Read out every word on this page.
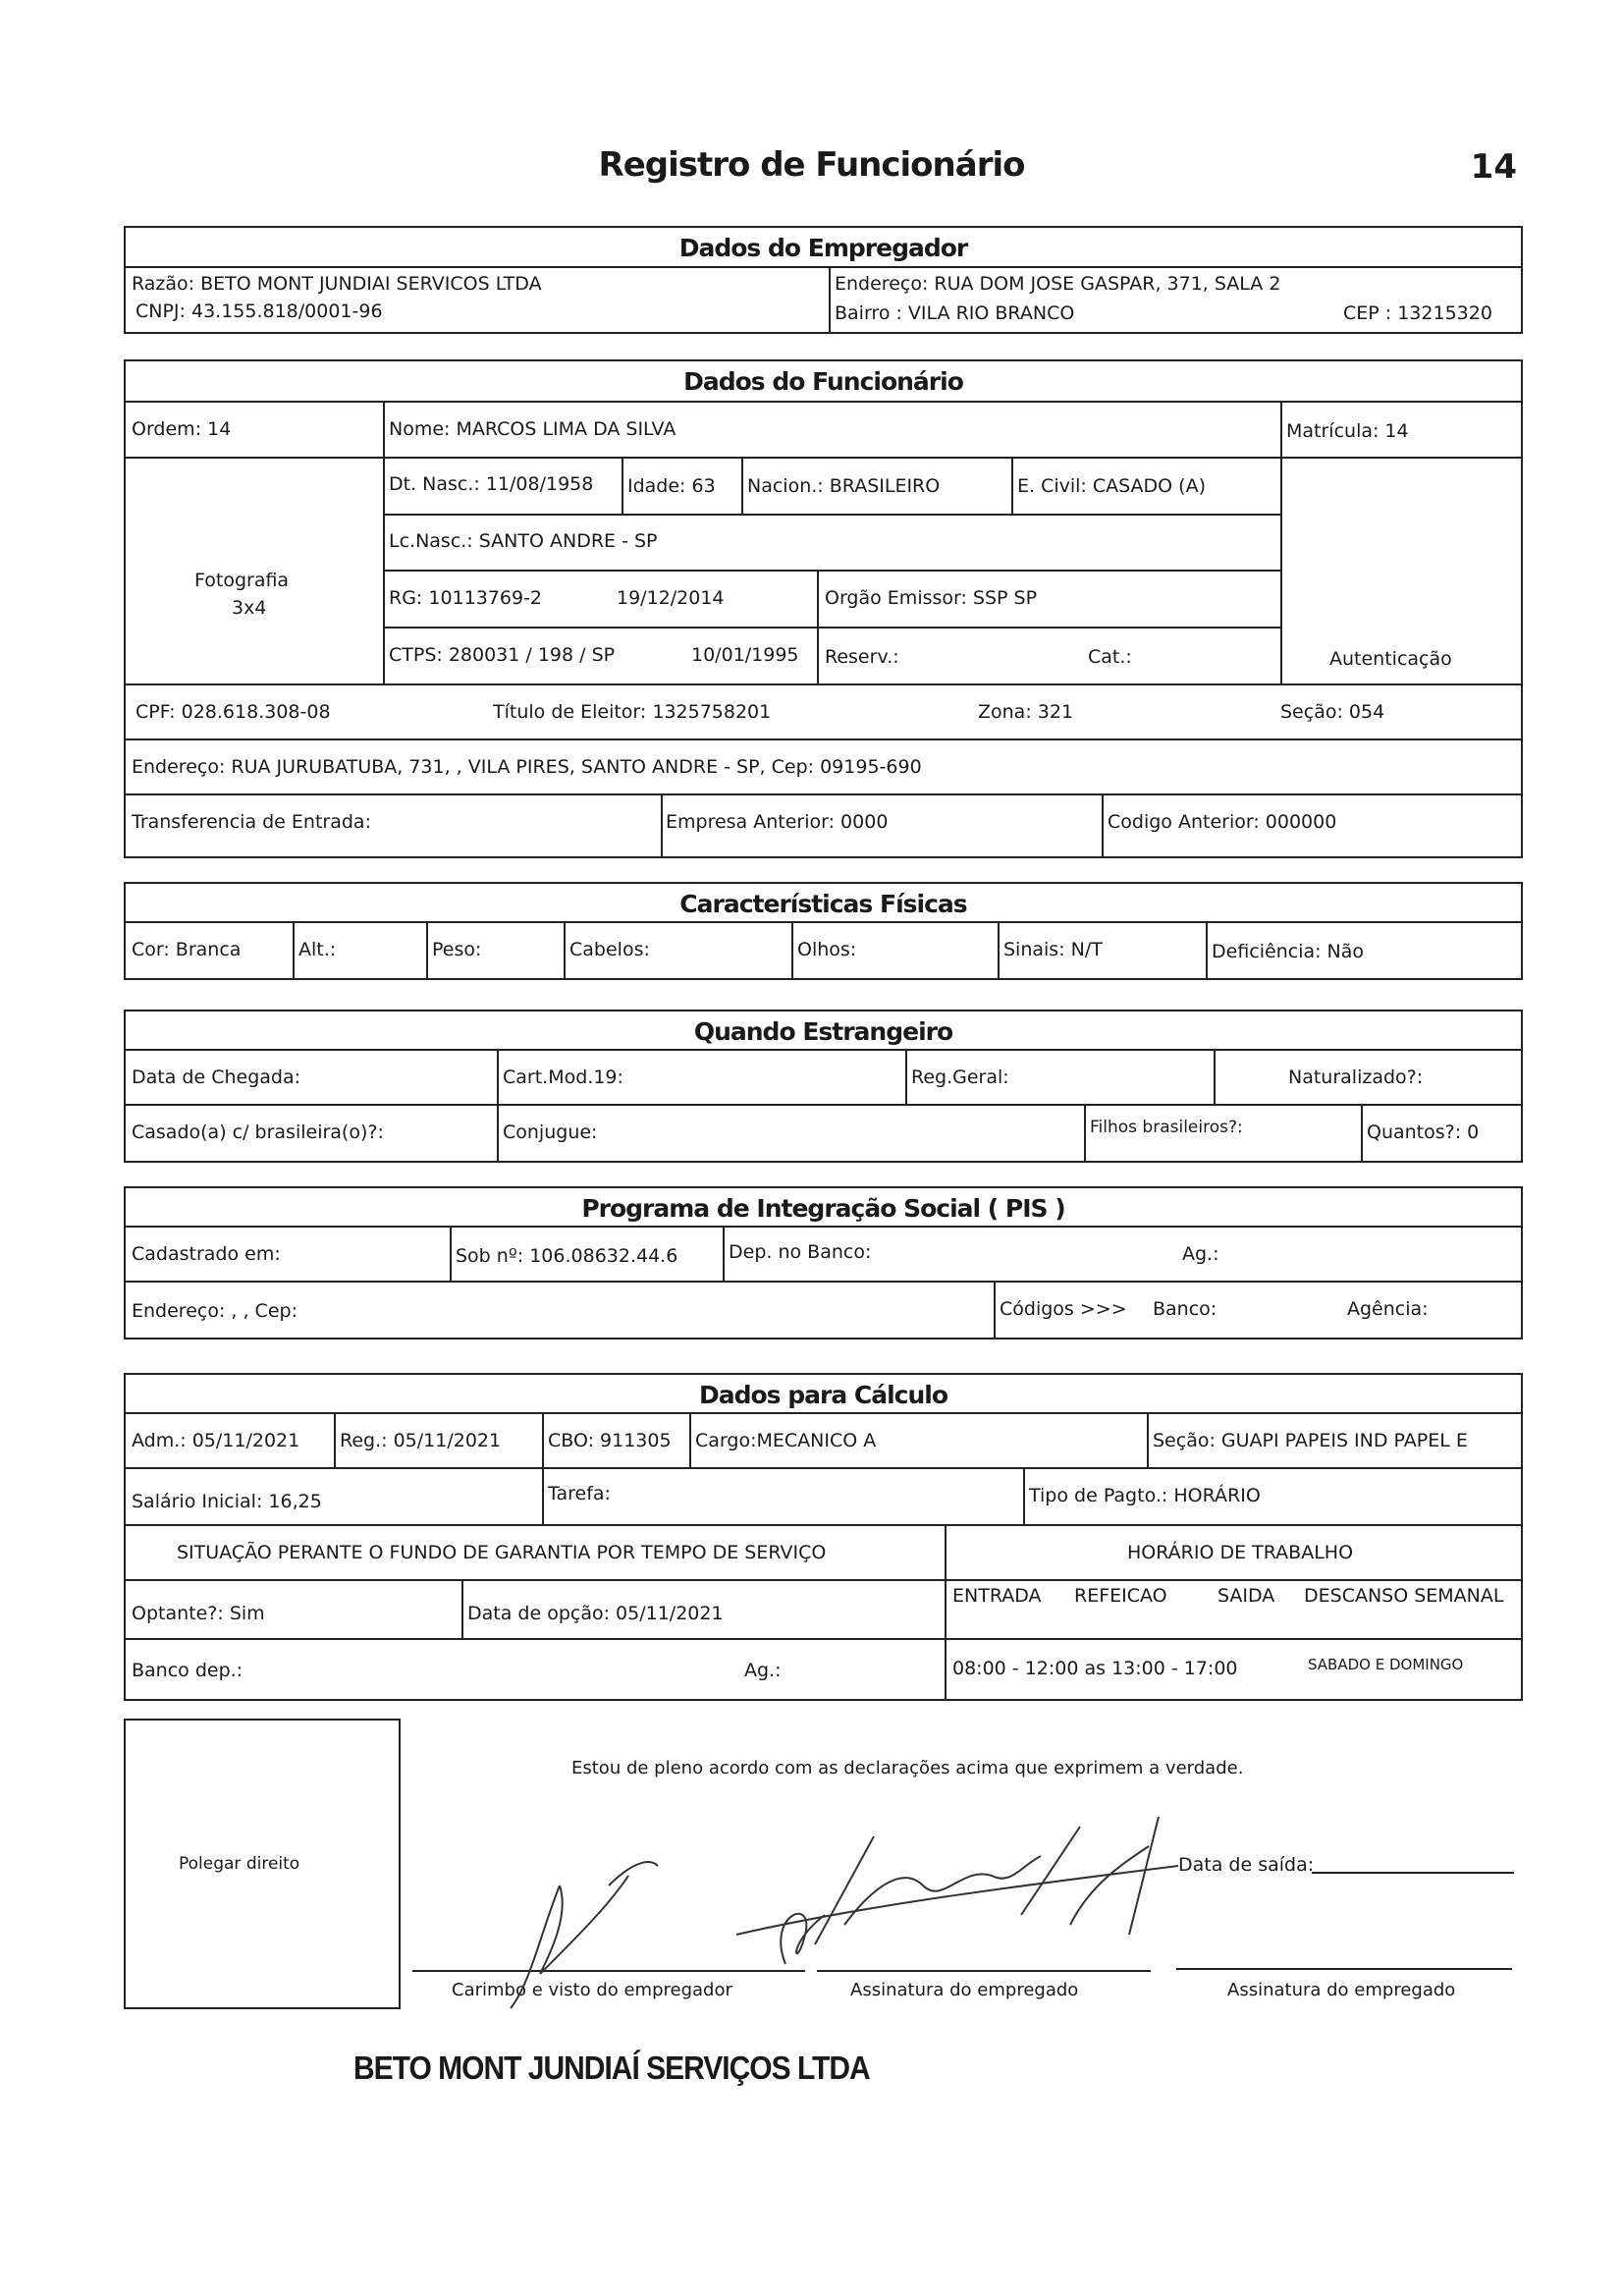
Registro de Funcionário	14
Dados do Empregador
Razão: BETO MONT JUNDIAI SERVICOS LTDA
CNPJ: 43.155.818/0001-96
Endereço: RUA DOM JOSE GASPAR, 371, SALA 2
Bairro : VILA RIO BRANCO	CEP : 13215320
Dados do Funcionário
Ordem: 14	Nome: MARCOS LIMA DA SILVA	Matrícula: 14
Fotografia
3x4
Dt. Nasc.: 11/08/1958 Idade: 63 Nacion.: BRASILEIRO	E. Civil: CASADO (A)
Lc.Nasc.: SANTO ANDRE - SP
RG: 10113769-2	19/12/2014	Orgão Emissor: SSP SP
CTPS: 280031 / 198 / SP	10/01/1995 Reserv.:	Cat.:	Autenticação
CPF: 028.618.308-08	Título de Eleitor: 1325758201	Zona: 321	Seção: 054
Endereço: RUA JURUBATUBA, 731, , VILA PIRES, SANTO ANDRE - SP, Cep: 09195-690
Transferencia de Entrada:	Empresa Anterior: 0000	Codigo Anterior: 000000
Características Físicas
Cor: Branca	Alt.:	Peso:	Cabelos:	Olhos:	Sinais: N/T	Deficiência: Não
Quando Estrangeiro
Data de Chegada:	Cart.Mod.19:	Reg.Geral:	Naturalizado?:
Casado(a) c/ brasileira(o)?:	Conjugue:	Filhos brasileiros?:	Quantos?: 0
Programa de Integração Social ( PIS )
Cadastrado em:	Sob nº: 106.08632.44.6	Dep. no Banco:	Ag.:
Endereço: , , Cep:	Códigos >>> Banco:	Agência:
Dados para Cálculo
Adm.: 05/11/2021 Reg.: 05/11/2021	CBO: 911305 Cargo:MECANICO A	Seção: GUAPI PAPEIS IND PAPEL E
Salário Inicial: 16,25	Tarefa:	Tipo de Pagto.: HORÁRIO
SITUAÇÃO PERANTE O FUNDO DE GARANTIA POR TEMPO DE SERVIÇO	HORÁRIO DE TRABALHO
Optante?: Sim	Data de opção: 05/11/2021
ENTRADA REFEICAO	SAIDA DESCANSO SEMANAL
Banco dep.:	Ag.:	08:00 - 12:00 as 13:00 - 17:00	SABADO E DOMINGO
Polegar direito
Estou de pleno acordo com as declarações acima que exprimem a verdade.
Data de saída:
Carimbo e visto do empregador	Assinatura do empregado	Assinatura do empregado
BETO MONT JUNDIAÍ SERVIÇOS LTDA
